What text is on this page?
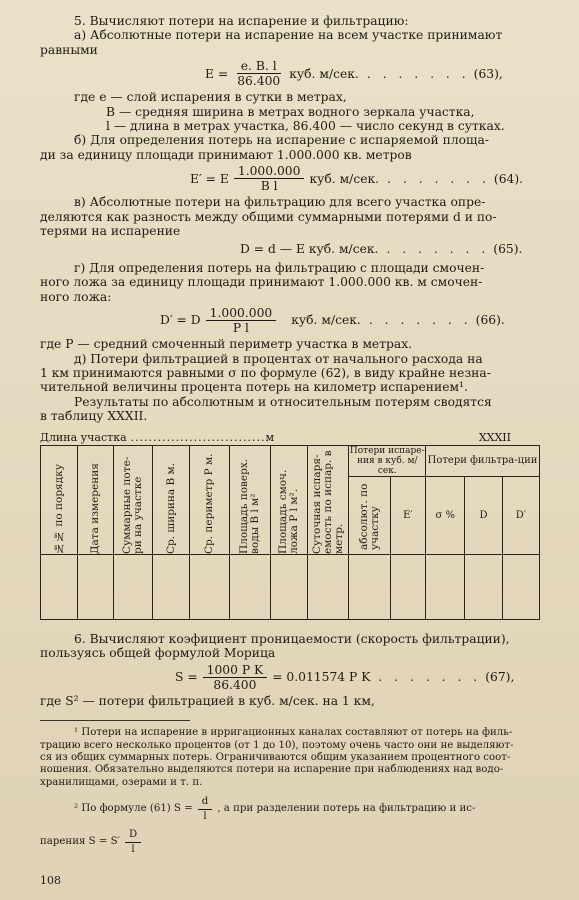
5. Вычисляют потери на испарение и фильтрацию:

а) Абсолютные потери на испарение на всем участке принимают

равными

$E = \frac{e. B. l}{86.400}$ куб. м/сек. . . . . . . . (63),

где e — слой испарения в сутки в метрах,

B — средняя ширина в метрах водного зеркала участка,

l — длина в метрах участка, 86.400 — число секунд в сутках.

б) Для определения потерь на испарение с испаряемой площа-

ди за единицу площади принимают 1.000.000 кв. метров

E′ = E $\frac{1.000.000}{\text{B l}}$ куб. м/сек. . . . . . . . (64).

в) Абсолютные потери на фильтрацию для всего участка опре-

деляются как разность между общими суммарными потерями d и по-

терями на испарение

D = d — E куб. м/сек. . . . . . . . (65).

г) Для определения потерь на фильтрацию с площади смочен-

ного ложа за единицу площади принимают 1.000.000 кв. м смочен-

ного ложа:

D′ = D $\frac{1.000.000}{\text{P l}}$ куб. м/сек. . . . . . . . (66).

где P — средний смоченный периметр участка в метрах.

д) Потери фильтрацией в процентах от начального расхода на

1 км принимаются равными σ по формуле (62), в виду крайне незна-

чительной величины процента потерь на километр испарением¹.

Результаты по абсолютным и относительным потерям сводятся

в таблицу XXXII.

Длина участка .............................. м	XXXII
№№ по порядку	Дата измерения	Суммарные поте-ри на участке	Ср. ширина B м.	Ср. периметр P м.	Площадь поверх. воды B l м²	Площадь смоч. ложа P l м².	Суточная испаря-емость по испар. в метр.	Потери испаре-ния в куб. м/сек.		Потери фильтра-ции		

								абсолют. по участку	E′	σ %	D	D′

6. Вычисляют коэфициент проницаемости (скорость фильтрации),

пользуясь общей формулой Морица

$S = \frac{\text{1000 P K}}{86.400} = 0.011574$ P K . . . . . . . (67),

где S² — потери фильтрацией в куб. м/сек. на 1 км,

¹ Потери на испарение в ирригационных каналах составляют от потерь на филь-

трацию всего несколько процентов (от 1 до 10), поэтому очень часто они не выделяют-

ся из общих суммарных потерь. Ограничиваются общим указанием процентного соот-

ношения. Обязательно выделяются потери на испарение при наблюдениях над водо-

хранилищами, озерами и т. п.

² По формуле (61) $S = \frac{d}{l}$ , а при разделении потерь на фильтрацию и ис-
парения $S = S' \frac{D}{l}$
108
